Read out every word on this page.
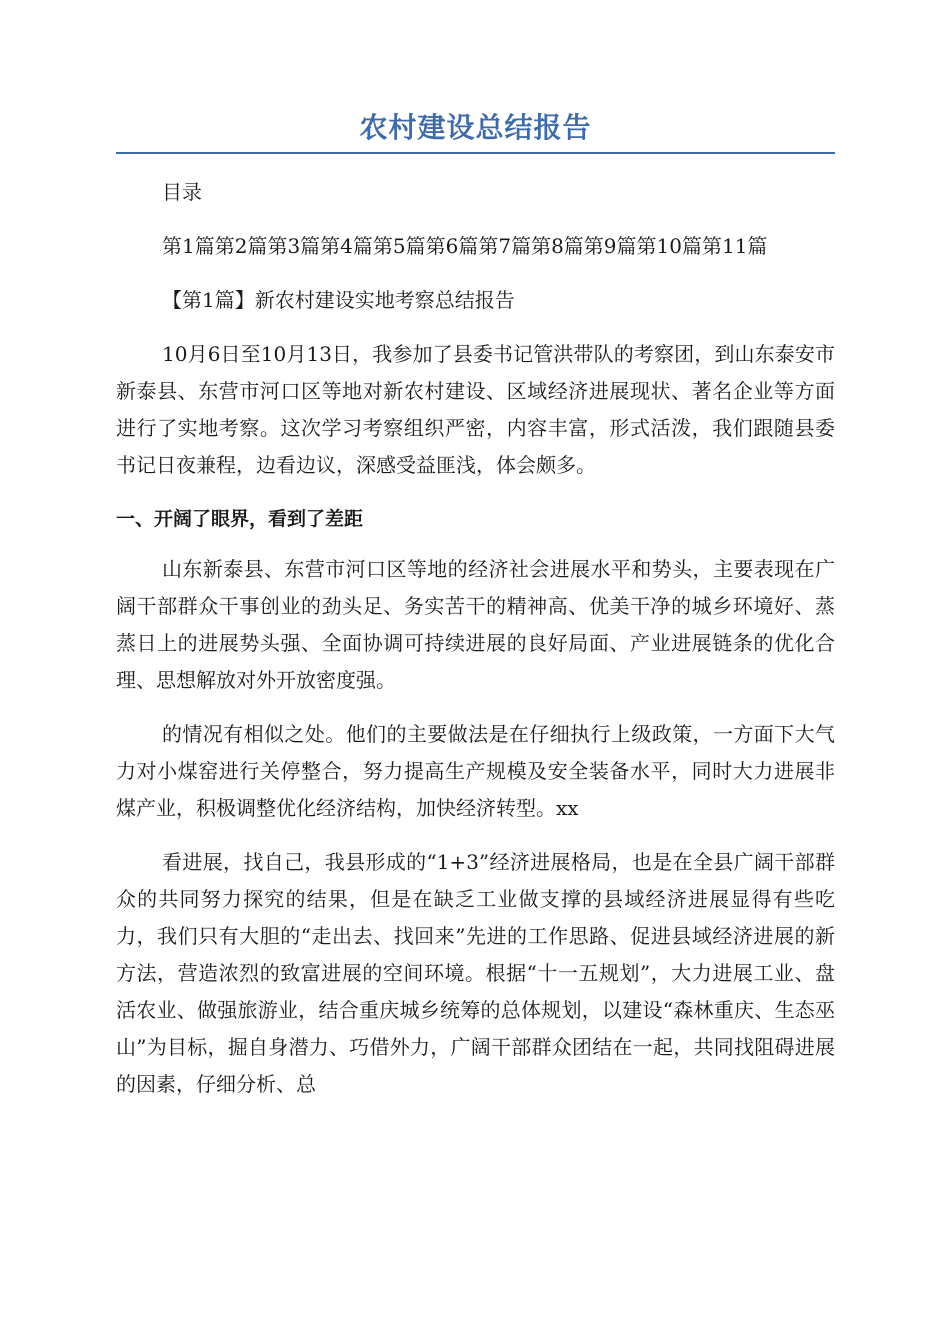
农村建设总结报告

目录

第1篇第2篇第3篇第4篇第5篇第6篇第7篇第8篇第9篇第10篇第11篇

【第1篇】新农村建设实地考察总结报告

10月6日至10月13日，我参加了县委书记管洪带队的考察团，到山东泰安市新泰县、东营市河口区等地对新农村建设、区域经济进展现状、著名企业等方面进行了实地考察。这次学习考察组织严密，内容丰富，形式活泼，我们跟随县委书记日夜兼程，边看边议，深感受益匪浅，体会颇多。

一、开阔了眼界，看到了差距

山东新泰县、东营市河口区等地的经济社会进展水平和势头，主要表现在广阔干部群众干事创业的劲头足、务实苦干的精神高、优美干净的城乡环境好、蒸蒸日上的进展势头强、全面协调可持续进展的良好局面、产业进展链条的优化合理、思想解放对外开放密度强。

的情况有相似之处。他们的主要做法是在仔细执行上级政策，一方面下大气力对小煤窑进行关停整合，努力提高生产规模及安全装备水平，同时大力进展非煤产业，积极调整优化经济结构，加快经济转型。xx

看进展，找自己，我县形成的“1+3”经济进展格局，也是在全县广阔干部群众的共同努力探究的结果，但是在缺乏工业做支撑的县域经济进展显得有些吃力，我们只有大胆的“走出去、找回来”先进的工作思路、促进县域经济进展的新方法，营造浓烈的致富进展的空间环境。根据“十一五规划”，大力进展工业、盘活农业、做强旅游业，结合重庆城乡统筹的总体规划，以建设“森林重庆、生态巫山”为目标，掘自身潜力、巧借外力，广阔干部群众团结在一起，共同找阻碍进展的因素，仔细分析、总
